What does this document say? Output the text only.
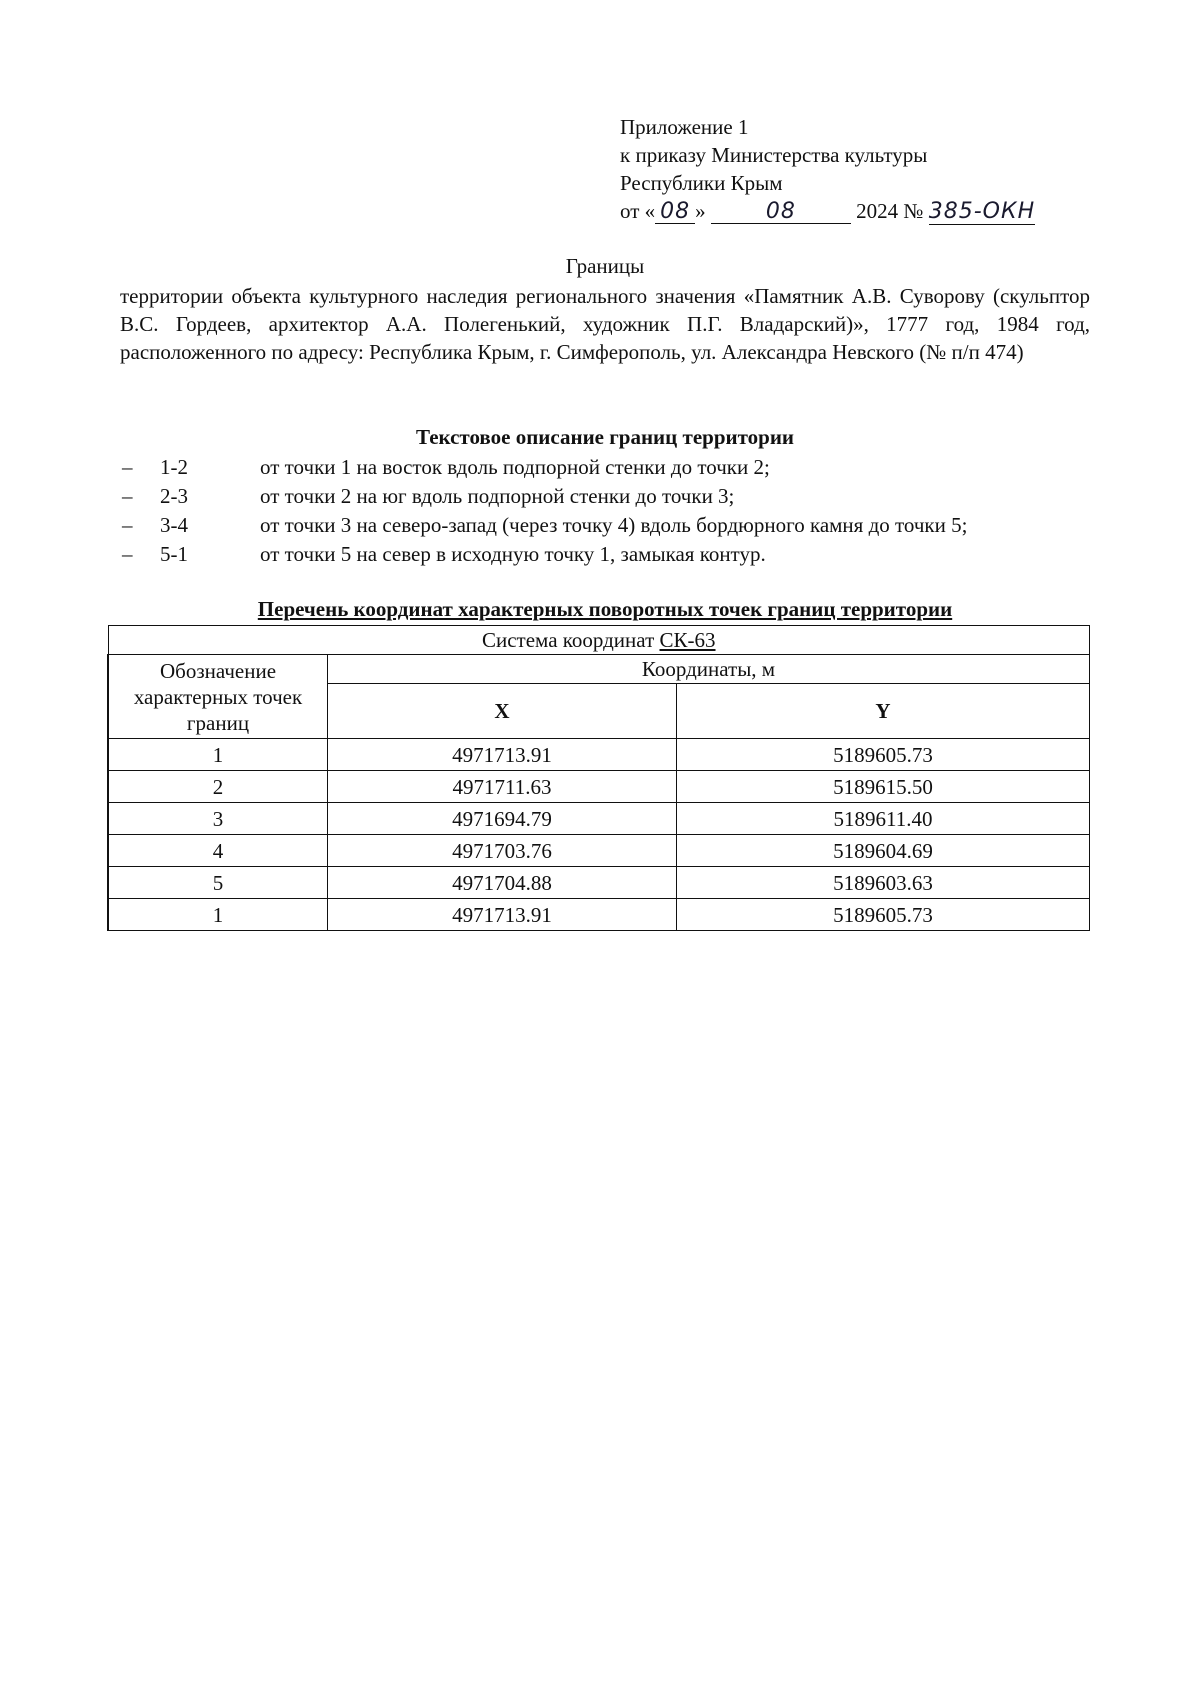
Приложение 1
к приказу Министерства культуры
Республики Крым
от « 08 »	08	2024 № 385-ОКН
Границы
территории объекта культурного наследия регионального значения «Памятник А.В. Суворову (скульптор В.С. Гордеев, архитектор А.А. Полегенький, художник П.Г. Владарский)», 1777 год, 1984 год, расположенного по адресу: Республика Крым, г. Симферополь, ул. Александра Невского (№ п/п 474)
Текстовое описание границ территории
– 1-2	от точки 1 на восток вдоль подпорной стенки до точки 2;
– 2-3	от точки 2 на юг вдоль подпорной стенки до точки 3;
– 3-4	от точки 3 на северо-запад (через точку 4) вдоль бордюрного камня до точки 5;
– 5-1	от точки 5 на север в исходную точку 1, замыкая контур.
Перечень координат характерных поворотных точек границ территории
Система координат СК-63		
Обозначение характерных точек границ	Координаты, м	
	X	Y
1	4971713.91	5189605.73
2	4971711.63	5189615.50
3	4971694.79	5189611.40
4	4971703.76	5189604.69
5	4971704.88	5189603.63
1	4971713.91	5189605.73
